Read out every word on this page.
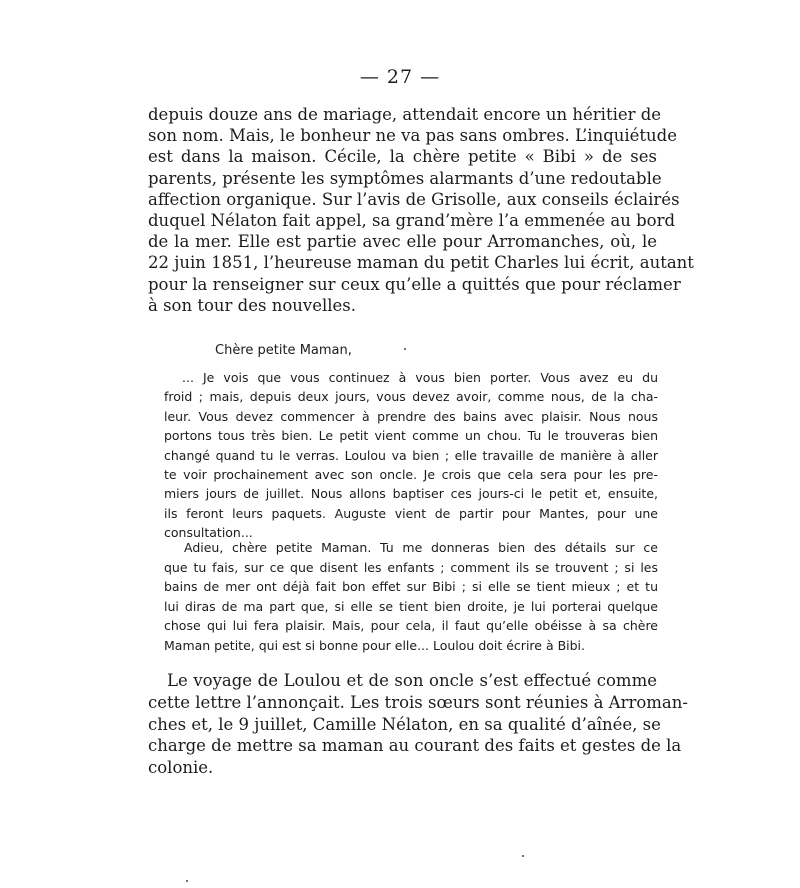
— 27 —
depuis douze ans de mariage, attendait encore un héritier de
son nom. Mais, le bonheur ne va pas sans ombres. L’inquiétude
est dans la maison. Cécile, la chère petite « Bibi » de ses
parents, présente les symptômes alarmants d’une redoutable
affection organique. Sur l’avis de Grisolle, aux conseils éclairés
duquel Nélaton fait appel, sa grand’mère l’a emmenée au bord
de la mer. Elle est partie avec elle pour Arromanches, où, le
22 juin 1851, l’heureuse maman du petit Charles lui écrit, autant
pour la renseigner sur ceux qu’elle a quittés que pour réclamer
à son tour des nouvelles.
Chère petite Maman,
... Je vois que vous continuez à vous bien porter. Vous avez eu du
froid ; mais, depuis deux jours, vous devez avoir, comme nous, de la cha-
leur. Vous devez commencer à prendre des bains avec plaisir. Nous nous
portons tous très bien. Le petit vient comme un chou. Tu le trouveras bien
changé quand tu le verras. Loulou va bien ; elle travaille de manière à aller
te voir prochainement avec son oncle. Je crois que cela sera pour les pre-
miers jours de juillet. Nous allons baptiser ces jours-ci le petit et, ensuite,
ils feront leurs paquets. Auguste vient de partir pour Mantes, pour une
consultation...
Adieu, chère petite Maman. Tu me donneras bien des détails sur ce
que tu fais, sur ce que disent les enfants ; comment ils se trouvent ; si les
bains de mer ont déjà fait bon effet sur Bibi ; si elle se tient mieux ; et tu
lui diras de ma part que, si elle se tient bien droite, je lui porterai quelque
chose qui lui fera plaisir. Mais, pour cela, il faut qu’elle obéisse à sa chère
Maman petite, qui est si bonne pour elle... Loulou doit écrire à Bibi.
Le voyage de Loulou et de son oncle s’est effectué comme
cette lettre l’annonçait. Les trois sœurs sont réunies à Arroman-
ches et, le 9 juillet, Camille Nélaton, en sa qualité d’aînée, se
charge de mettre sa maman au courant des faits et gestes de la
colonie.
